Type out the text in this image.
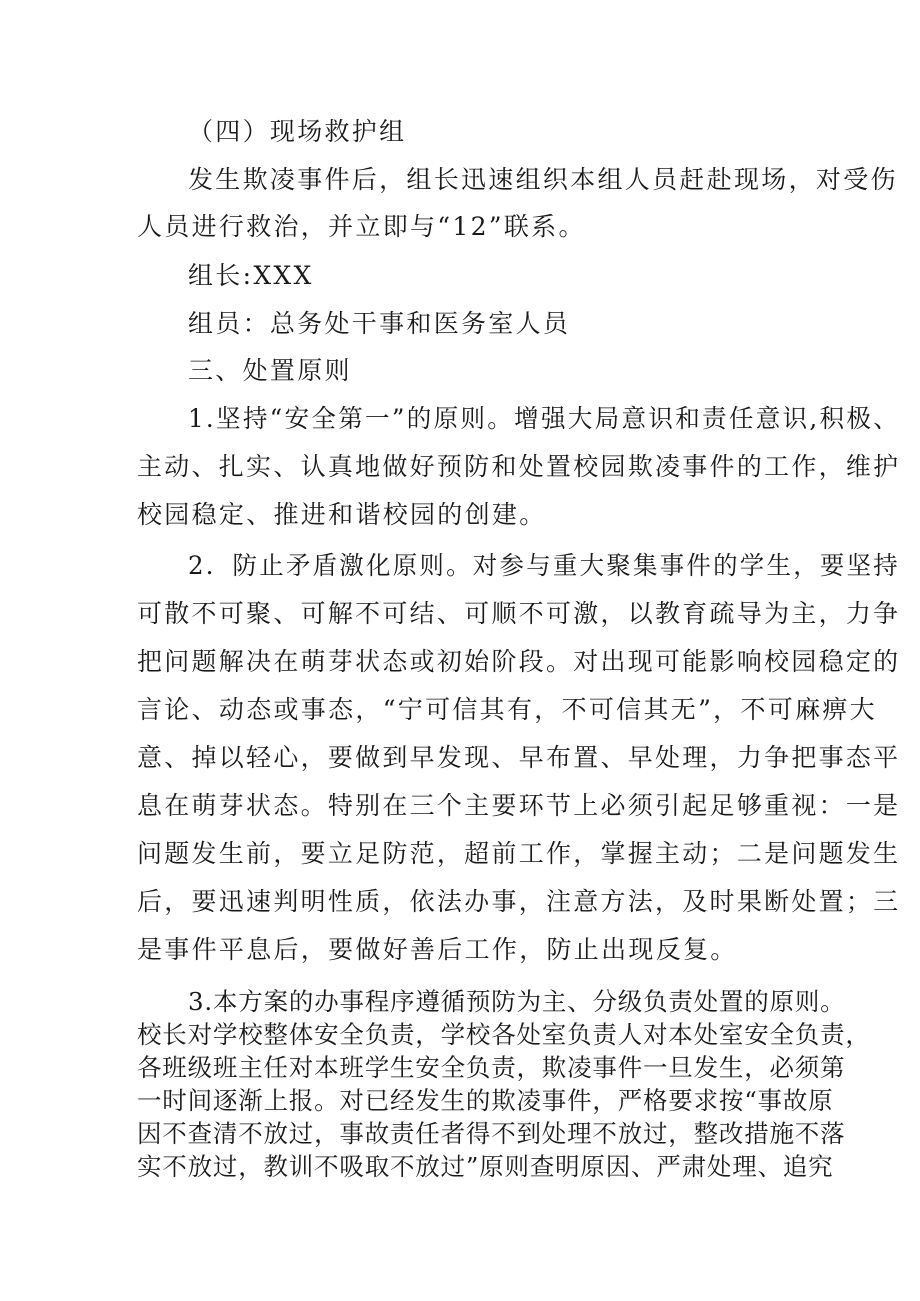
（四）现场救护组
发生欺凌事件后，组长迅速组织本组人员赶赴现场，对受伤
人员进行救治，并立即与“12”联系。
组长:XXX
组员：总务处干事和医务室人员
三、处置原则
1.坚持“安全第一”的原则。增强大局意识和责任意识,积极、
主动、扎实、认真地做好预防和处置校园欺凌事件的工作，维护
校园稳定、推进和谐校园的创建。
2．防止矛盾激化原则。对参与重大聚集事件的学生，要坚持
可散不可聚、可解不可结、可顺不可激，以教育疏导为主，力争
把问题解决在萌芽状态或初始阶段。对出现可能影响校园稳定的
言论、动态或事态，“宁可信其有，不可信其无”，不可麻痹大
意、掉以轻心，要做到早发现、早布置、早处理，力争把事态平
息在萌芽状态。特别在三个主要环节上必须引起足够重视：一是
问题发生前，要立足防范，超前工作，掌握主动；二是问题发生
后，要迅速判明性质，依法办事，注意方法，及时果断处置；三
是事件平息后，要做好善后工作，防止出现反复。
3.本方案的办事程序遵循预防为主、分级负责处置的原则。
校长对学校整体安全负责，学校各处室负责人对本处室安全负责，
各班级班主任对本班学生安全负责，欺凌事件一旦发生，必须第
一时间逐渐上报。对已经发生的欺凌事件，严格要求按“事故原
因不查清不放过，事故责任者得不到处理不放过，整改措施不落
实不放过，教训不吸取不放过”原则查明原因、严肃处理、追究
